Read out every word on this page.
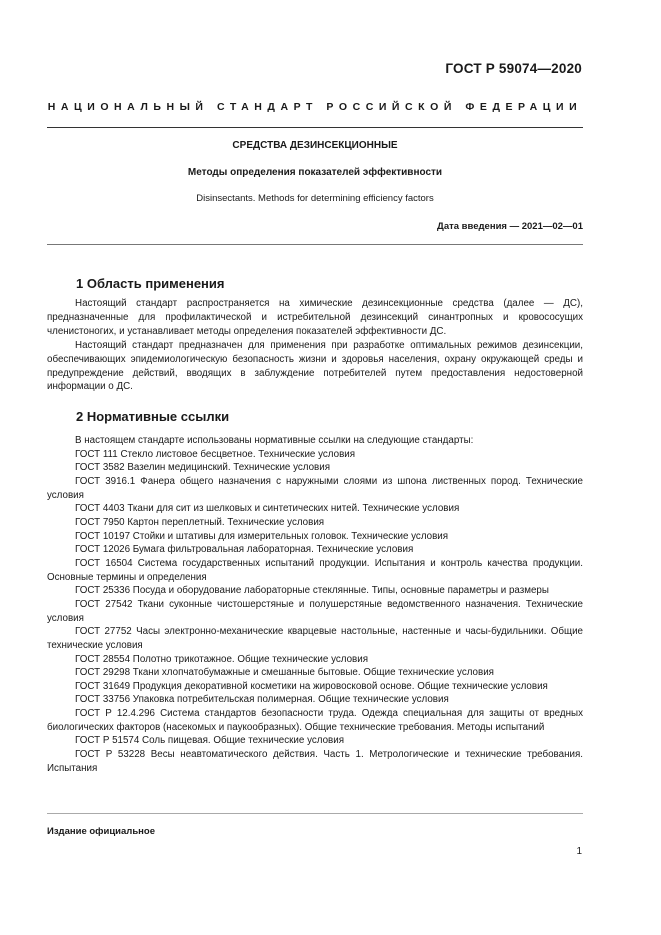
ГОСТ Р 59074—2020
НАЦИОНАЛЬНЫЙ СТАНДАРТ РОССИЙСКОЙ ФЕДЕРАЦИИ
СРЕДСТВА ДЕЗИНСЕКЦИОННЫЕ
Методы определения показателей эффективности
Disinsectants. Methods for determining efficiency factors
Дата введения — 2021—02—01
1 Область применения

Настоящий стандарт распространяется на химические дезинсекционные средства (далее — ДС), предназначенные для профилактической и истребительной дезинсекций синантропных и кровососущих членистоногих, и устанавливает методы определения показателей эффективности ДС.

Настоящий стандарт предназначен для применения при разработке оптимальных режимов дезинсекции, обеспечивающих эпидемиологическую безопасность жизни и здоровья населения, охрану окружающей среды и предупреждение действий, вводящих в заблуждение потребителей путем предоставления недостоверной информации о ДС.

2 Нормативные ссылки

В настоящем стандарте использованы нормативные ссылки на следующие стандарты:

ГОСТ 111 Стекло листовое бесцветное. Технические условия

ГОСТ 3582 Вазелин медицинский. Технические условия

ГОСТ 3916.1 Фанера общего назначения с наружными слоями из шпона лиственных пород. Технические условия

ГОСТ 4403 Ткани для сит из шелковых и синтетических нитей. Технические условия

ГОСТ 7950 Картон переплетный. Технические условия

ГОСТ 10197 Стойки и штативы для измерительных головок. Технические условия

ГОСТ 12026 Бумага фильтровальная лабораторная. Технические условия

ГОСТ 16504 Система государственных испытаний продукции. Испытания и контроль качества продукции. Основные термины и определения

ГОСТ 25336 Посуда и оборудование лабораторные стеклянные. Типы, основные параметры и размеры

ГОСТ 27542 Ткани суконные чистошерстяные и полушерстяные ведомственного назначения. Технические условия

ГОСТ 27752 Часы электронно-механические кварцевые настольные, настенные и часы-будильники. Общие технические условия

ГОСТ 28554 Полотно трикотажное. Общие технические условия

ГОСТ 29298 Ткани хлопчатобумажные и смешанные бытовые. Общие технические условия

ГОСТ 31649 Продукция декоративной косметики на жировосковой основе. Общие технические условия

ГОСТ 33756 Упаковка потребительская полимерная. Общие технические условия

ГОСТ Р 12.4.296 Система стандартов безопасности труда. Одежда специальная для защиты от вредных биологических факторов (насекомых и паукообразных). Общие технические требования. Методы испытаний

ГОСТ Р 51574 Соль пищевая. Общие технические условия

ГОСТ Р 53228 Весы неавтоматического действия. Часть 1. Метрологические и технические требования. Испытания

Издание официальное
1
